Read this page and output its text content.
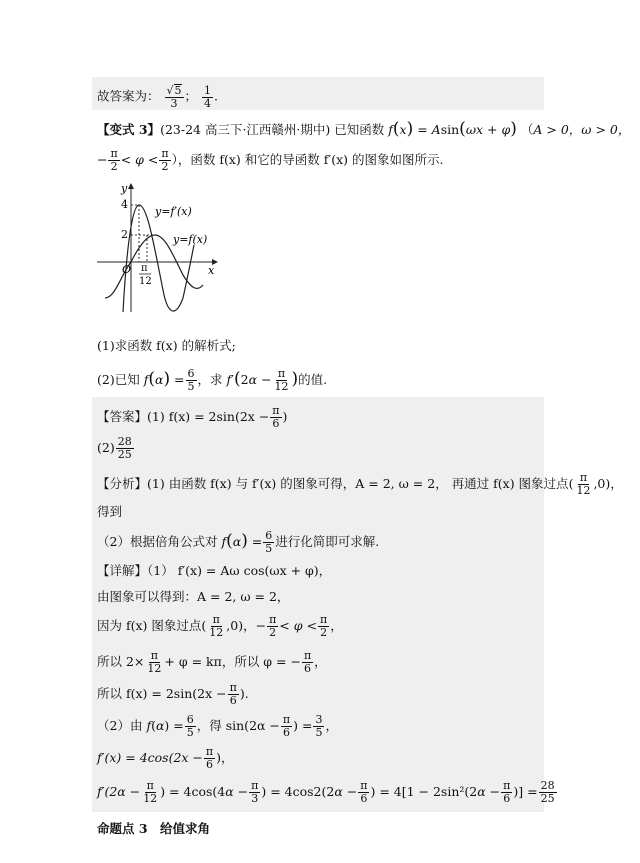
故答案为： $\frac{√5}{3}$ ； $\frac{1}{4}$ .
【变式 3】(23-24 高三下·江西赣州·期中) 已知函数 f(x) = Asin(ωx + φ) （A > 0，ω > 0，
− $\frac{\pi}{2} < \varphi < \frac{\pi}{2}$ ），函数 f(x) 和它的导函数 f′(x) 的图象如图所示.
y
x
O
4
2
π
12
y=f′(x)
y=f(x)
(1)求函数 f(x) 的解析式;
(2)已知 $f(\alpha) = \frac{6}{5}$ ，求 $f'(2\alpha - \frac{\pi}{12}$ )的值.
【答案】(1) $f(x) = 2\sin(2x - \frac{\pi}{6}$ )
$(2) \frac{28}{25}$
【分析】(1) 由函数 f(x) 与 f′(x) 的图象可得，A = 2, ω = 2， 再通过 f(x) 图象过点( $\frac{\pi}{12} ,0$)，
得到
（2）根据倍角公式对 $f(\alpha) = \frac{6}{5}$ 进行化简即可求解.
【详解】（1） f′(x) = Aω cos(ωx + φ)，
由图象可以得到：A = 2, ω = 2，
因为 f(x) 图象过点( $\frac{\pi}{12} ,0$)，− $\frac{\pi}{2} < \varphi < \frac{\pi}{2}$ ，
所以 $2\times \frac{\pi}{12} + \varphi = k\pi$，所以 φ = − $\frac{\pi}{6}$ ，
所以 $f(x) = 2\sin(2x - \frac{\pi}{6}$ ).
（2）由 $f(\alpha) = \frac{6}{5}$ ，得 $\sin(2\alpha - \frac{\pi}{6}$ ) = $\frac{3}{5}$ ，
$f'(x) = 4\cos(2x - \frac{\pi}{6}$ )，
$f'(2\alpha - \frac{\pi}{12}$ ) = $4\cos(4\alpha - \frac{\pi}{3}$ ) = $4\cos 2(2\alpha - \frac{\pi}{6}$ ) = $4[1 - 2\sin^2(2\alpha - \frac{\pi}{6}$ )] = $\frac{28}{25}$
命题点 3　给值求角
